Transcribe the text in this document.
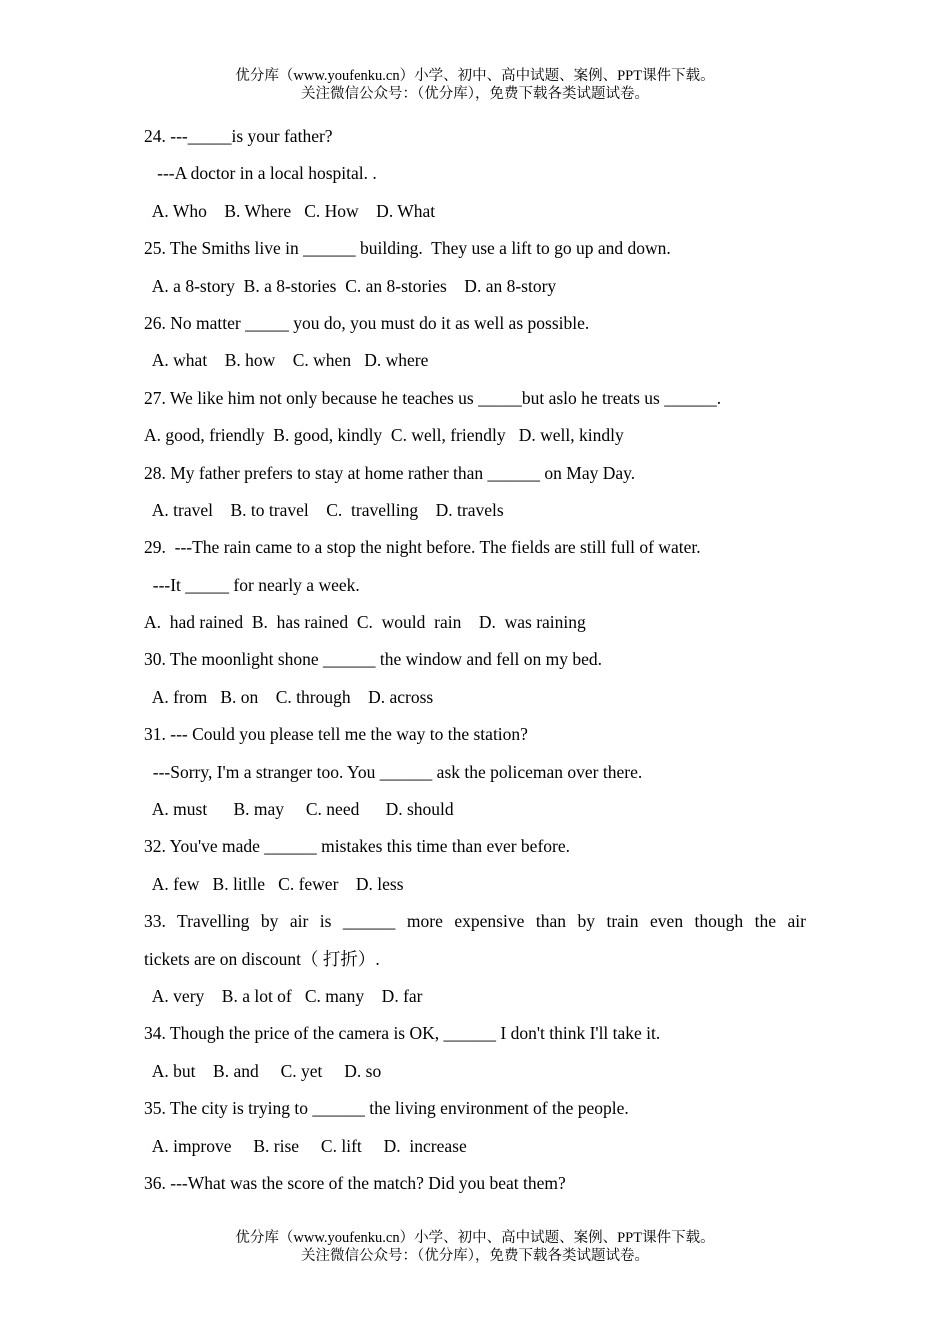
优分库（www.youfenku.cn）小学、初中、高中试题、案例、PPT课件下载。
关注微信公众号：（优分库），免费下载各类试题试卷。
24. ---_____is your father?
---A doctor in a local hospital. .
A. Who    B. Where   C. How    D. What
25. The Smiths live in ______ building.  They use a lift to go up and down.
A. a 8-story  B. a 8-stories  C. an 8-stories    D. an 8-story
26. No matter _____ you do, you must do it as well as possible.
A. what    B. how    C. when   D. where
27. We like him not only because he teaches us _____but aslo he treats us ______.
A. good, friendly  B. good, kindly  C. well, friendly   D. well, kindly
28. My father prefers to stay at home rather than ______ on May Day.
A. travel    B. to travel    C.  travelling    D. travels
29.  ---The rain came to a stop the night before. The fields are still full of water.
---It _____ for nearly a week.
A.  had rained  B.  has rained  C.  would  rain    D.  was raining
30. The moonlight shone ______ the window and fell on my bed.
A. from   B. on    C. through    D. across
31. --- Could you please tell me the way to the station?
---Sorry, I'm a stranger too. You ______ ask the policeman over there.
A. must      B. may     C. need      D. should
32. You've made ______ mistakes this time than ever before.
A. few   B. litlle   C. fewer    D. less
33. Travelling by air is ______ more expensive than by train even though the air
tickets are on discount（ 打折）.
A. very    B. a lot of   C. many    D. far
34. Though the price of the camera is OK, ______ I don't think I'll take it.
A. but    B. and     C. yet     D. so
35. The city is trying to ______ the living environment of the people.
A. improve     B. rise     C. lift     D.  increase
36. ---What was the score of the match? Did you beat them?
优分库（www.youfenku.cn）小学、初中、高中试题、案例、PPT课件下载。
关注微信公众号：（优分库），免费下载各类试题试卷。
